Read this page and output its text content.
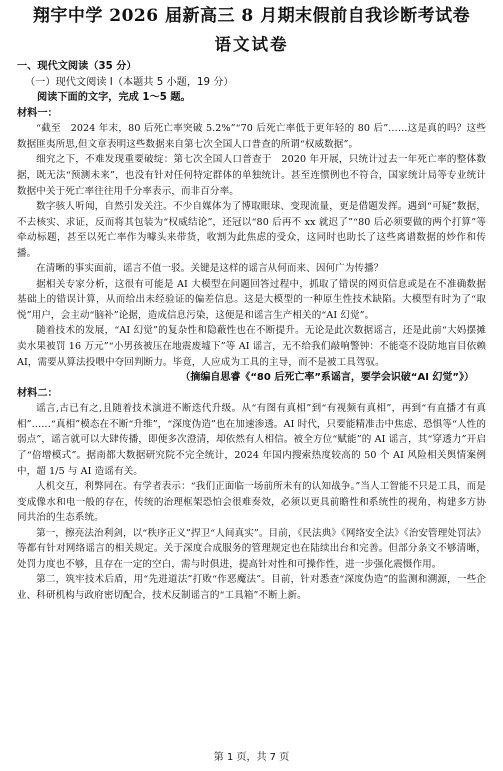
翔宇中学 2026 届新高三 8 月期末假前自我诊断考试卷
语文试卷
一、现代文阅读（35 分）
（一）现代文阅读 I（本题共 5 小题，19 分）
阅读下面的文字，完成 1～5 题。
材料一：

“截至　2024 年末，80 后死亡率突破 5.2%”“70 后死亡率低于更年轻的 80 后”……这是真的吗？这些数据匪夷所思,但文章表明这些数据来自第七次全国人口普查的所谓“权威数据”。

细究之下，不难发现重要破绽：第七次全国人口普查于　2020 年开展，只统计过去一年死亡率的整体数据，既无法“预测未来”，也没有针对任何特定群体的单独统计。甚至连惯例也不符合，国家统计局等专业统计数据中关于死亡率往往用千分率表示，而非百分率。

数字骇人听闻，自然引发关注。不少自媒体为了博取眼球、变现流量，更是借题发挥。遇到“可疑”数据，不去核实、求证，反而将其包装为“权威结论”，还冠以“80 后再不 xx 就迟了”“80 后必须要做的两个打算”等牵动标题，甚至以死亡率作为噱头来带货，收割为此焦虑的受众，这同时也助长了这些离谱数据的炒作和传播。

在清晰的事实面前，谣言不值一驳。关键是这样的谣言从何而来、因何广为传播？

据相关专家分析，这很有可能是 AI 大模型在问题回答过程中，抓取了错误的网页信息或是在不准确数据基础上的错误计算，从而给出未经验证的偏差信息。这是大模型的一种原生性技术缺陷。大模型有时为了“取悦”用户，会主动“脑补”论据，造成信息污染，这便是和谣言生产相关的“AI 幻觉”。

随着技术的发展，“AI 幻觉”的复杂性和隐蔽性也在不断提升。无论是此次数据谣言，还是此前“大妈摆摊卖水果被罚 16 万元”“小男孩被压在地震废墟下”等 AI 谣言，无不给我们敲响警钟：不能毫不设防地盲目依赖 AI，需要从算法投喂中夺回判断力。毕竟，人应成为工具的主导，而不是被工具驾驭。

（摘编自思睿《“80 后死亡率”系谣言，要学会识破“AI 幻觉”》）
材料二：

谣言,古已有之,且随着技术演进不断迭代升级。从“有图有真相”到“有视频有真相”，再到“有直播才有真相”……“真相”模态在不断“升维”，“深度伪造”也在加速渗透。AI 时代，只要能精准击中焦虑、恐惧等“人性的弱点”，谣言就可以大肆传播，即便多次澄清，却依然有人相信。被全方位“赋能”的 AI 谣言，其“穿透力”开启了“倍增模式”。据南都大数据研究院不完全统计，2024 年国内搜索热度较高的 50 个 AI 风险相关舆情案例中，超 1/5 与 AI 造谣有关。

人机交互，利弊同在。有学者表示：“我们正面临一场前所未有的认知战争。”当人工智能不只是工具，而是变成像水和电一般的存在，传统的治理框架恐怕会很难奏效，必须以更具前瞻性和系统性的视角，构建多方协同共治的生态系统。

第一，擦亮法治利剑，以“秩序正义”捍卫“人间真实”。目前，《民法典》《网络安全法》《治安管理处罚法》等都有针对网络谣言的相关规定。关于深度合成服务的管理规定也在陆续出台和完善。但部分条文不够清晰，处罚力度也不够，且存在一定的空白，需与时俱进，提高针对性和可操作性，进一步强化震慑作用。

第二，筑牢技术后盾，用“先进道法”打败“作恶魔法”。目前，针对悉查“深度伪造”的监测和溯源，一些企业、科研机构与政府密切配合，技术反制谣言的“工具箱”不断上新。

第 1 页，共 7 页
